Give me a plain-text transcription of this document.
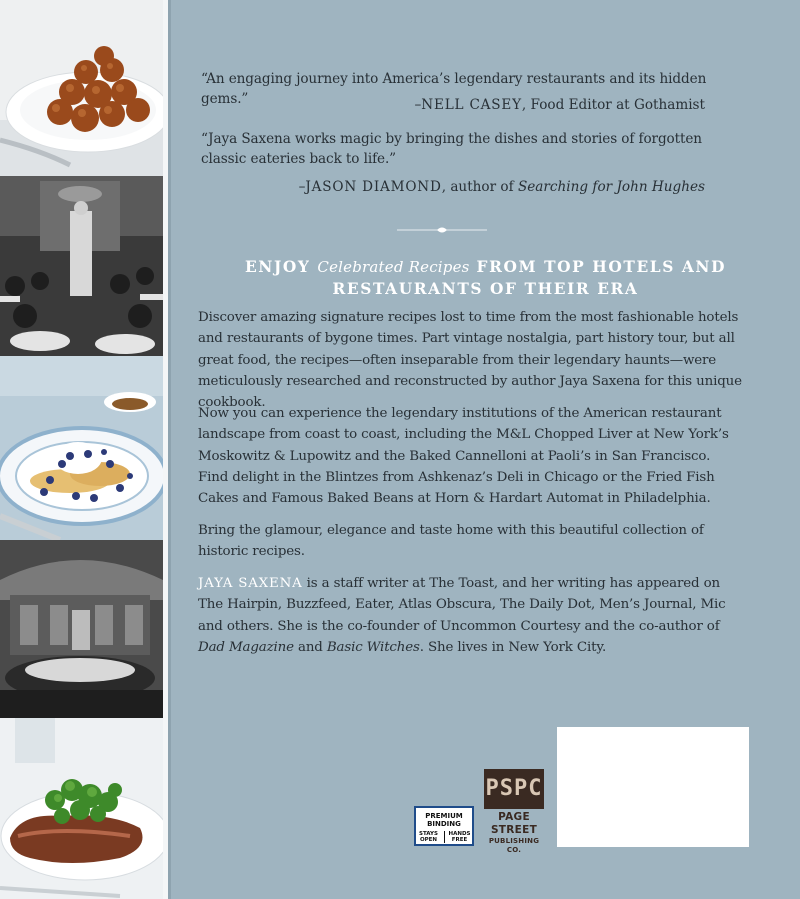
“An engaging journey into America’s legendary restaurants and its hidden gems.”	–NELL CASEY, Food Editor at Gothamist
“Jaya Saxena works magic by bringing the dishes and stories of forgotten classic eateries back to life.”
–JASON DIAMOND, author of Searching for John Hughes
ENJOY Celebrated Recipes FROM TOP HOTELS AND
RESTAURANTS OF THEIR ERA

Discover amazing signature recipes lost to time from the most fashionable hotels and restaurants of bygone times. Part vintage nostalgia, part history tour, but all great food, the recipes—often inseparable from their legendary haunts—were meticulously researched and reconstructed by author Jaya Saxena for this unique cookbook.

Now you can experience the legendary institutions of the American restaurant landscape from coast to coast, including the M&L Chopped Liver at New York’s Moskowitz & Lupowitz and the Baked Cannelloni at Paoli’s in San Francisco. Find delight in the Blintzes from Ashkenaz’s Deli in Chicago or the Fried Fish Cakes and Famous Baked Beans at Horn & Hardart Automat in Philadelphia.

Bring the glamour, elegance and taste home with this beautiful collection of historic recipes.

JAYA SAXENA is a staff writer at The Toast, and her writing has appeared on The Hairpin, Buzzfeed, Eater, Atlas Obscura, The Daily Dot, Men’s Journal, Mic and others. She is the co-founder of Uncommon Courtesy and the co-author of Dad Magazine and Basic Witches. She lives in New York City.

PREMIUM BINDING
STAYS OPEN
HANDS FREE
PSPC
PAGE STREET
PUBLISHING CO.
